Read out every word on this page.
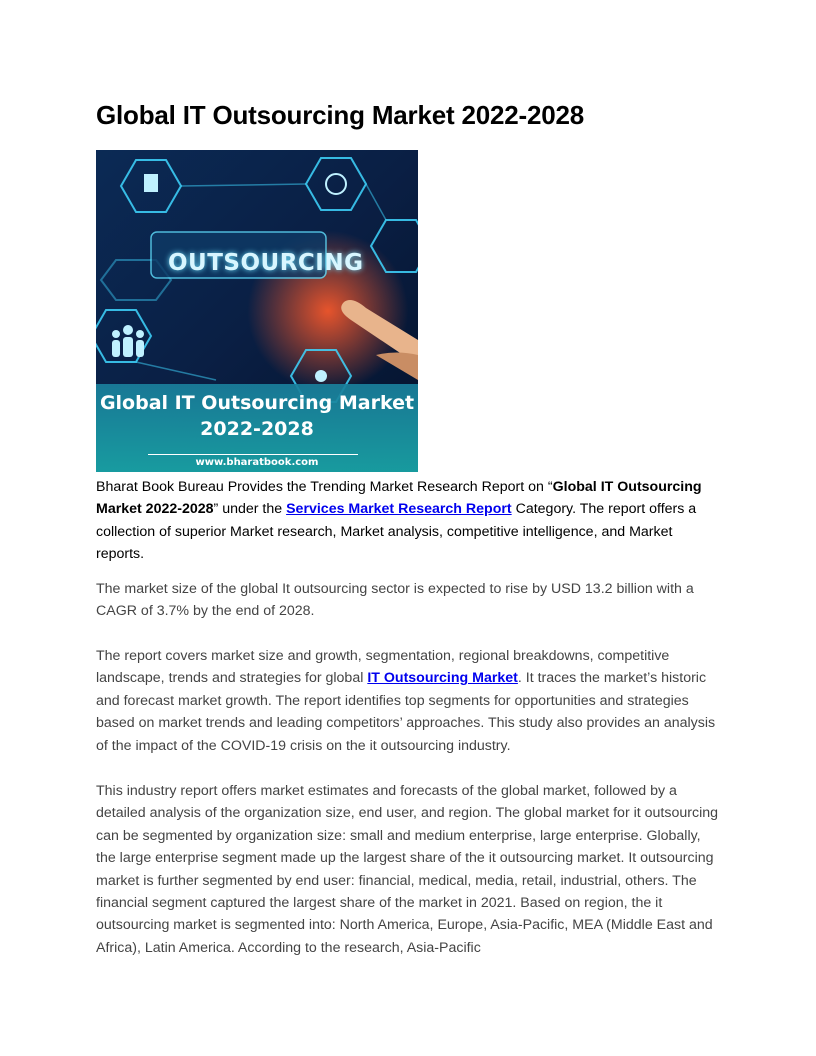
Global IT Outsourcing Market 2022-2028
OUTSOURCING
Global IT Outsourcing Market
2022-2028
www.bharatbook.com

Bharat Book Bureau Provides the Trending Market Research Report on “Global IT Outsourcing Market 2022-2028” under the Services Market Research Report Category. The report offers a collection of superior Market research, Market analysis, competitive intelligence, and Market reports.

The market size of the global It outsourcing sector is expected to rise by USD 13.2 billion with a CAGR of 3.7% by the end of 2028.

The report covers market size and growth, segmentation, regional breakdowns, competitive landscape, trends and strategies for global IT Outsourcing Market. It traces the market’s historic and forecast market growth. The report identifies top segments for opportunities and strategies based on market trends and leading competitors’ approaches. This study also provides an analysis of the impact of the COVID-19 crisis on the it outsourcing industry.

This industry report offers market estimates and forecasts of the global market, followed by a detailed analysis of the organization size, end user, and region. The global market for it outsourcing can be segmented by organization size: small and medium enterprise, large enterprise. Globally, the large enterprise segment made up the largest share of the it outsourcing market. It outsourcing market is further segmented by end user: financial, medical, media, retail, industrial, others. The financial segment captured the largest share of the market in 2021. Based on region, the it outsourcing market is segmented into: North America, Europe, Asia-Pacific, MEA (Middle East and Africa), Latin America. According to the research, Asia-Pacific
